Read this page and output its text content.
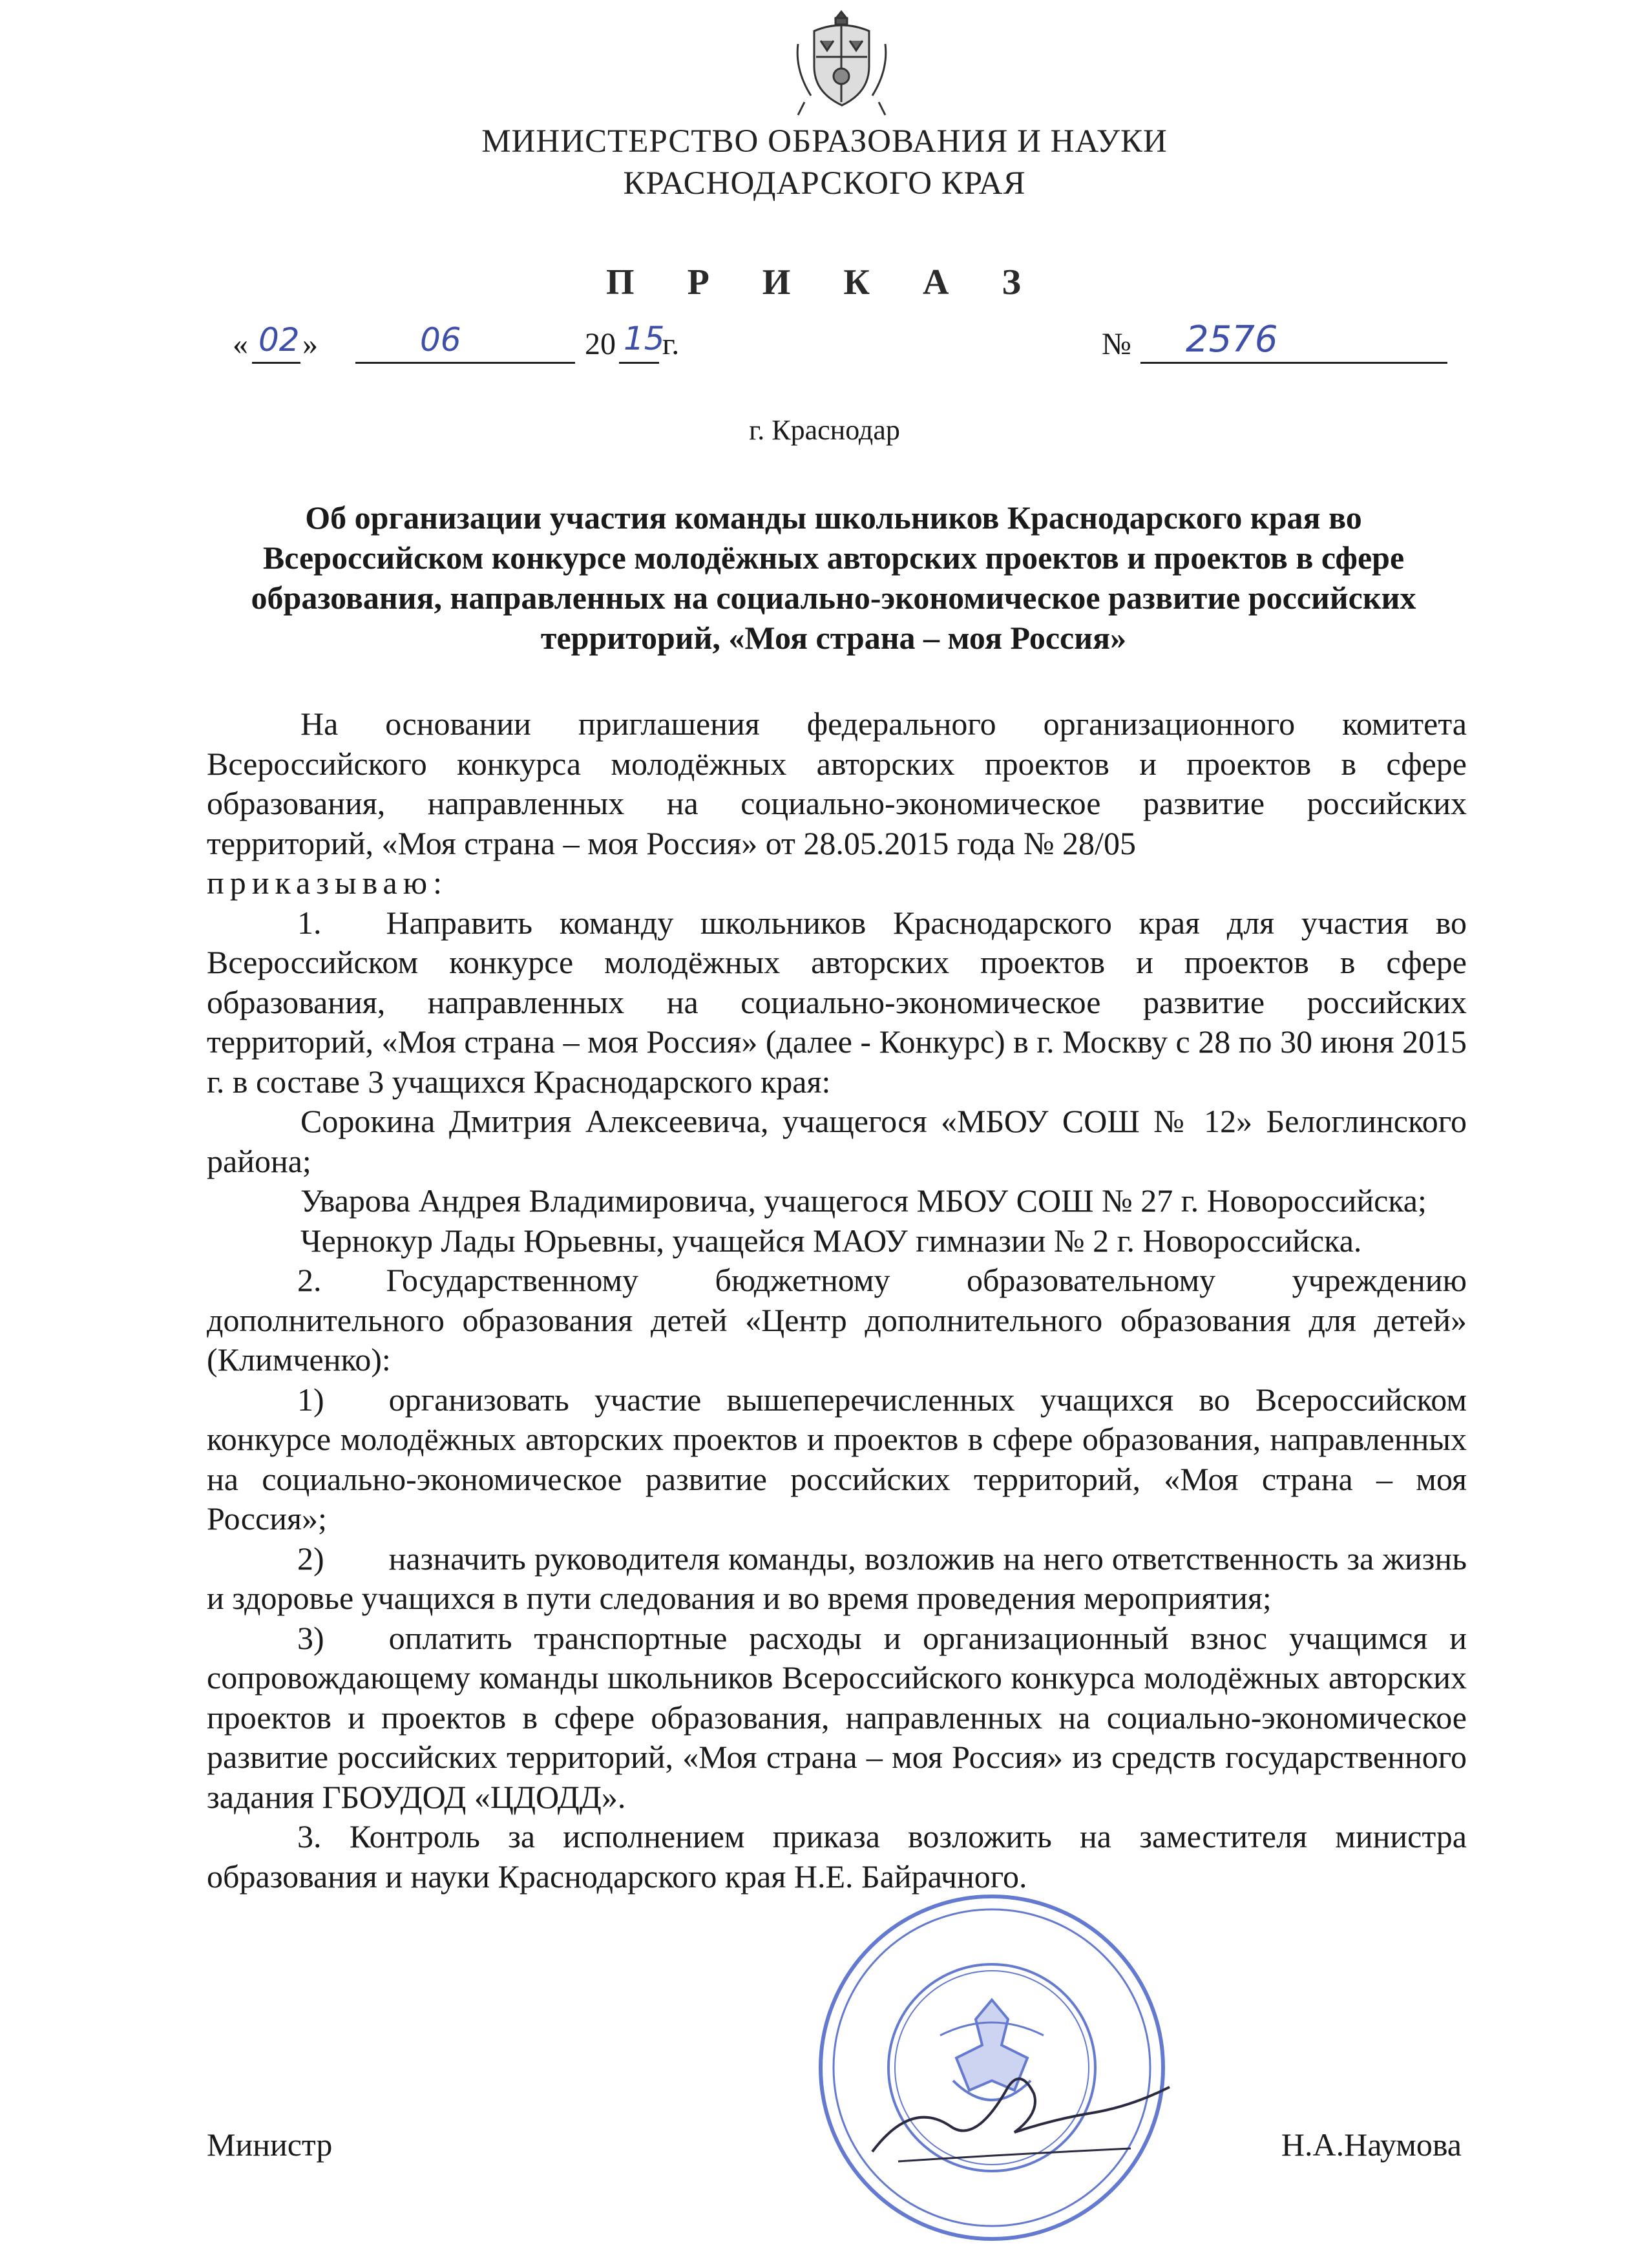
МИНИСТЕРСТВО ОБРАЗОВАНИЯ И НАУКИ
КРАСНОДАРСКОГО КРАЯ
П Р И К А З
« 02 »	06	20 15
г.	№ 2576
г. Краснодар
Об организации участия команды школьников Краснодарского края во Всероссийском конкурсе молодёжных авторских проектов и проектов в сфере образования, направленных на социально-экономическое развитие российских территорий, «Моя страна – моя Россия»

На основании приглашения федерального организационного комитета Всероссийского конкурса молодёжных авторских проектов и проектов в сфере образования, направленных на социально-экономическое развитие российских территорий, «Моя страна – моя Россия» от 28.05.2015 года № 28/05

приказываю:

1.  Направить команду школьников Краснодарского края для участия во Всероссийском конкурсе молодёжных авторских проектов и проектов в сфере образования, направленных на социально-экономическое развитие российских территорий, «Моя страна – моя Россия» (далее - Конкурс) в г. Москву с 28 по 30 июня 2015 г. в составе 3 учащихся Краснодарского края:

Сорокина Дмитрия Алексеевича, учащегося «МБОУ СОШ № 12» Белоглинского района;

Уварова Андрея Владимировича, учащегося МБОУ СОШ № 27 г. Новороссийска;

Чернокур Лады Юрьевны, учащейся МАОУ гимназии № 2 г. Новороссийска.

2.  Государственному бюджетному образовательному учреждению дополнительного образования детей «Центр дополнительного образования для детей» (Климченко):

1)  организовать участие вышеперечисленных учащихся во Всероссийском конкурсе молодёжных авторских проектов и проектов в сфере образования, направленных на социально-экономическое развитие российских территорий, «Моя страна – моя Россия»;

2)  назначить руководителя команды, возложив на него ответственность за жизнь и здоровье учащихся в пути следования и во время проведения мероприятия;

3)  оплатить транспортные расходы и организационный взнос учащимся и сопровождающему команды школьников Всероссийского конкурса молодёжных авторских проектов и проектов в сфере образования, направленных на социально-экономическое развитие российских территорий, «Моя страна – моя Россия» из средств государственного задания ГБОУДОД «ЦДОДД».

3. Контроль за исполнением приказа возложить на заместителя министра образования и науки Краснодарского края Н.Е. Байрачного.

Министр	Н.А.Наумова
